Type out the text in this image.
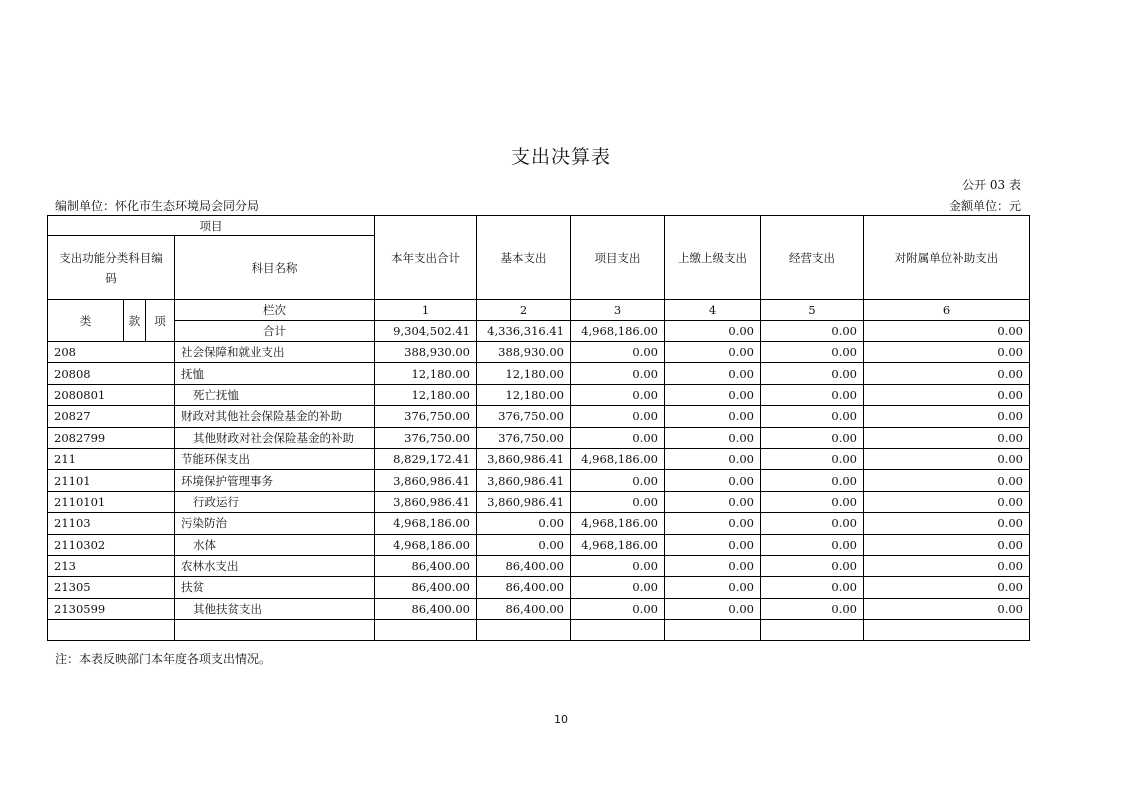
支出决算表
公开 03 表
编制单位：怀化市生态环境局会同分局	金额单位：元
项目				本年支出合计	基本支出	项目支出	上缴上级支出	经营支出	对附属单位补助支出
支出功能分类科目编码			科目名称						
类	款	项	栏次	1	2	3	4	5	6
			合计	9,304,502.41	4,336,316.41	4,968,186.00	0.00	0.00	0.00
208			社会保障和就业支出	388,930.00	388,930.00	0.00	0.00	0.00	0.00
20808			抚恤	12,180.00	12,180.00	0.00	0.00	0.00	0.00
2080801			死亡抚恤	12,180.00	12,180.00	0.00	0.00	0.00	0.00
20827			财政对其他社会保险基金的补助	376,750.00	376,750.00	0.00	0.00	0.00	0.00
2082799			其他财政对社会保险基金的补助	376,750.00	376,750.00	0.00	0.00	0.00	0.00
211			节能环保支出	8,829,172.41	3,860,986.41	4,968,186.00	0.00	0.00	0.00
21101			环境保护管理事务	3,860,986.41	3,860,986.41	0.00	0.00	0.00	0.00
2110101			行政运行	3,860,986.41	3,860,986.41	0.00	0.00	0.00	0.00
21103			污染防治	4,968,186.00	0.00	4,968,186.00	0.00	0.00	0.00
2110302			水体	4,968,186.00	0.00	4,968,186.00	0.00	0.00	0.00
213			农林水支出	86,400.00	86,400.00	0.00	0.00	0.00	0.00
21305			扶贫	86,400.00	86,400.00	0.00	0.00	0.00	0.00
2130599			其他扶贫支出	86,400.00	86,400.00	0.00	0.00	0.00	0.00

注：本表反映部门本年度各项支出情况。
10
